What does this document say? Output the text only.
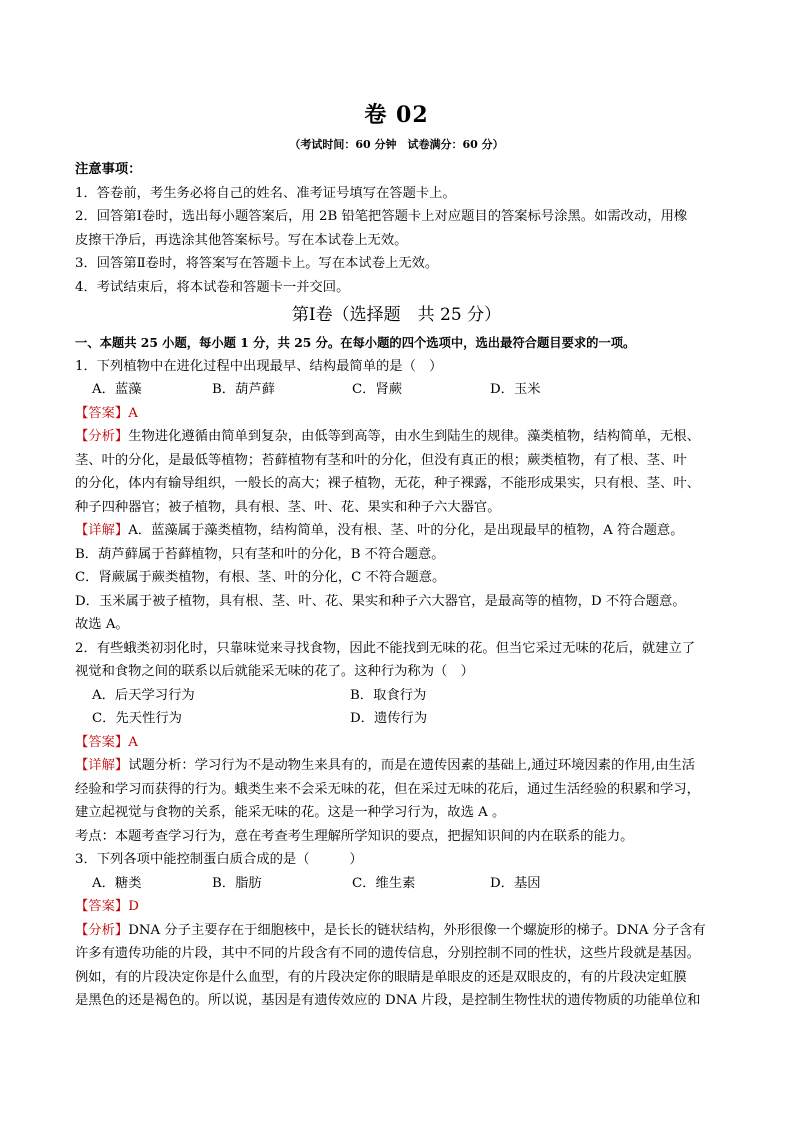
卷 02
（考试时间：60 分钟　试卷满分：60 分）
注意事项：
1．答卷前，考生务必将自己的姓名、准考证号填写在答题卡上。
2．回答第Ⅰ卷时，选出每小题答案后，用 2B 铅笔把答题卡上对应题目的答案标号涂黑。如需改动，用橡
皮擦干净后，再选涂其他答案标号。写在本试卷上无效。
3．回答第Ⅱ卷时，将答案写在答题卡上。写在本试卷上无效。
4．考试结束后，将本试卷和答题卡一并交回。
第Ⅰ卷（选择题　共 25 分）
一、本题共 25 小题，每小题 1 分，共 25 分。在每小题的四个选项中，选出最符合题目要求的一项。
1．下列植物中在进化过程中出现最早、结构最简单的是（　）
A．蓝藻	B．葫芦藓	C．肾蕨	D．玉米
【答案】A
【分析】生物进化遵循由简单到复杂，由低等到高等，由水生到陆生的规律。藻类植物，结构简单，无根、
茎、叶的分化，是最低等植物；苔藓植物有茎和叶的分化，但没有真正的根；蕨类植物，有了根、茎、叶
的分化，体内有输导组织，一般长的高大；裸子植物，无花，种子裸露，不能形成果实，只有根、茎、叶、
种子四种器官；被子植物，具有根、茎、叶、花、果实和种子六大器官。
【详解】A．蓝藻属于藻类植物，结构简单，没有根、茎、叶的分化，是出现最早的植物，A 符合题意。
B．葫芦藓属于苔藓植物，只有茎和叶的分化，B 不符合题意。
C．肾蕨属于蕨类植物，有根、茎、叶的分化，C 不符合题意。
D．玉米属于被子植物，具有根、茎、叶、花、果实和种子六大器官，是最高等的植物，D 不符合题意。
故选 A。
2．有些蛾类初羽化时，只靠味觉来寻找食物，因此不能找到无味的花。但当它采过无味的花后，就建立了
视觉和食物之间的联系以后就能采无味的花了。这种行为称为（　）
A．后天学习行为	B．取食行为
C．先天性行为	D．遗传行为
【答案】A
【详解】试题分析：学习行为不是动物生来具有的，而是在遗传因素的基础上,通过环境因素的作用,由生活
经验和学习而获得的行为。蛾类生来不会采无味的花，但在采过无味的花后，通过生活经验的积累和学习，
建立起视觉与食物的关系，能采无味的花。这是一种学习行为，故选 A 。
考点：本题考查学习行为，意在考查考生理解所学知识的要点，把握知识间的内在联系的能力。
3．下列各项中能控制蛋白质合成的是（　　　）
A．糖类	B．脂肪	C．维生素	D．基因
【答案】D
【分析】DNA 分子主要存在于细胞核中，是长长的链状结构，外形很像一个螺旋形的梯子。DNA 分子含有
许多有遗传功能的片段，其中不同的片段含有不同的遗传信息，分别控制不同的性状，这些片段就是基因。
例如，有的片段决定你是什么血型，有的片段决定你的眼睛是单眼皮的还是双眼皮的，有的片段决定虹膜
是黑色的还是褐色的。所以说，基因是有遗传效应的 DNA 片段，是控制生物性状的遗传物质的功能单位和
